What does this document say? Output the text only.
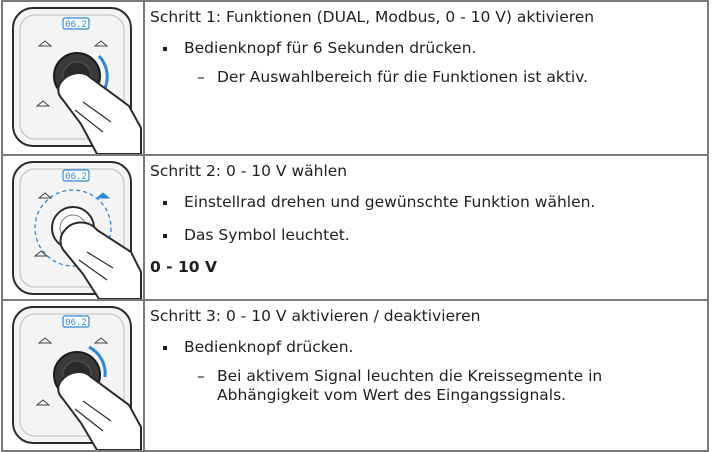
06.2	Schritt 1: Funktionen (DUAL, Modbus, 0 - 10 V) aktivieren

Bedienknopf für 6 Sekunden drücken.

– Der Auswahlbereich für die Funktionen ist aktiv.

06.2	Schritt 2: 0 - 10 V wählen

Einstellrad drehen und gewünschte Funktion wählen.

Das Symbol leuchtet.

0 - 10 V

06.2	Schritt 3: 0 - 10 V aktivieren / deaktivieren

Bedienknopf drücken.

– Bei aktivem Signal leuchten die Kreissegmente in Abhängigkeit vom Wert des Eingangssignals.
